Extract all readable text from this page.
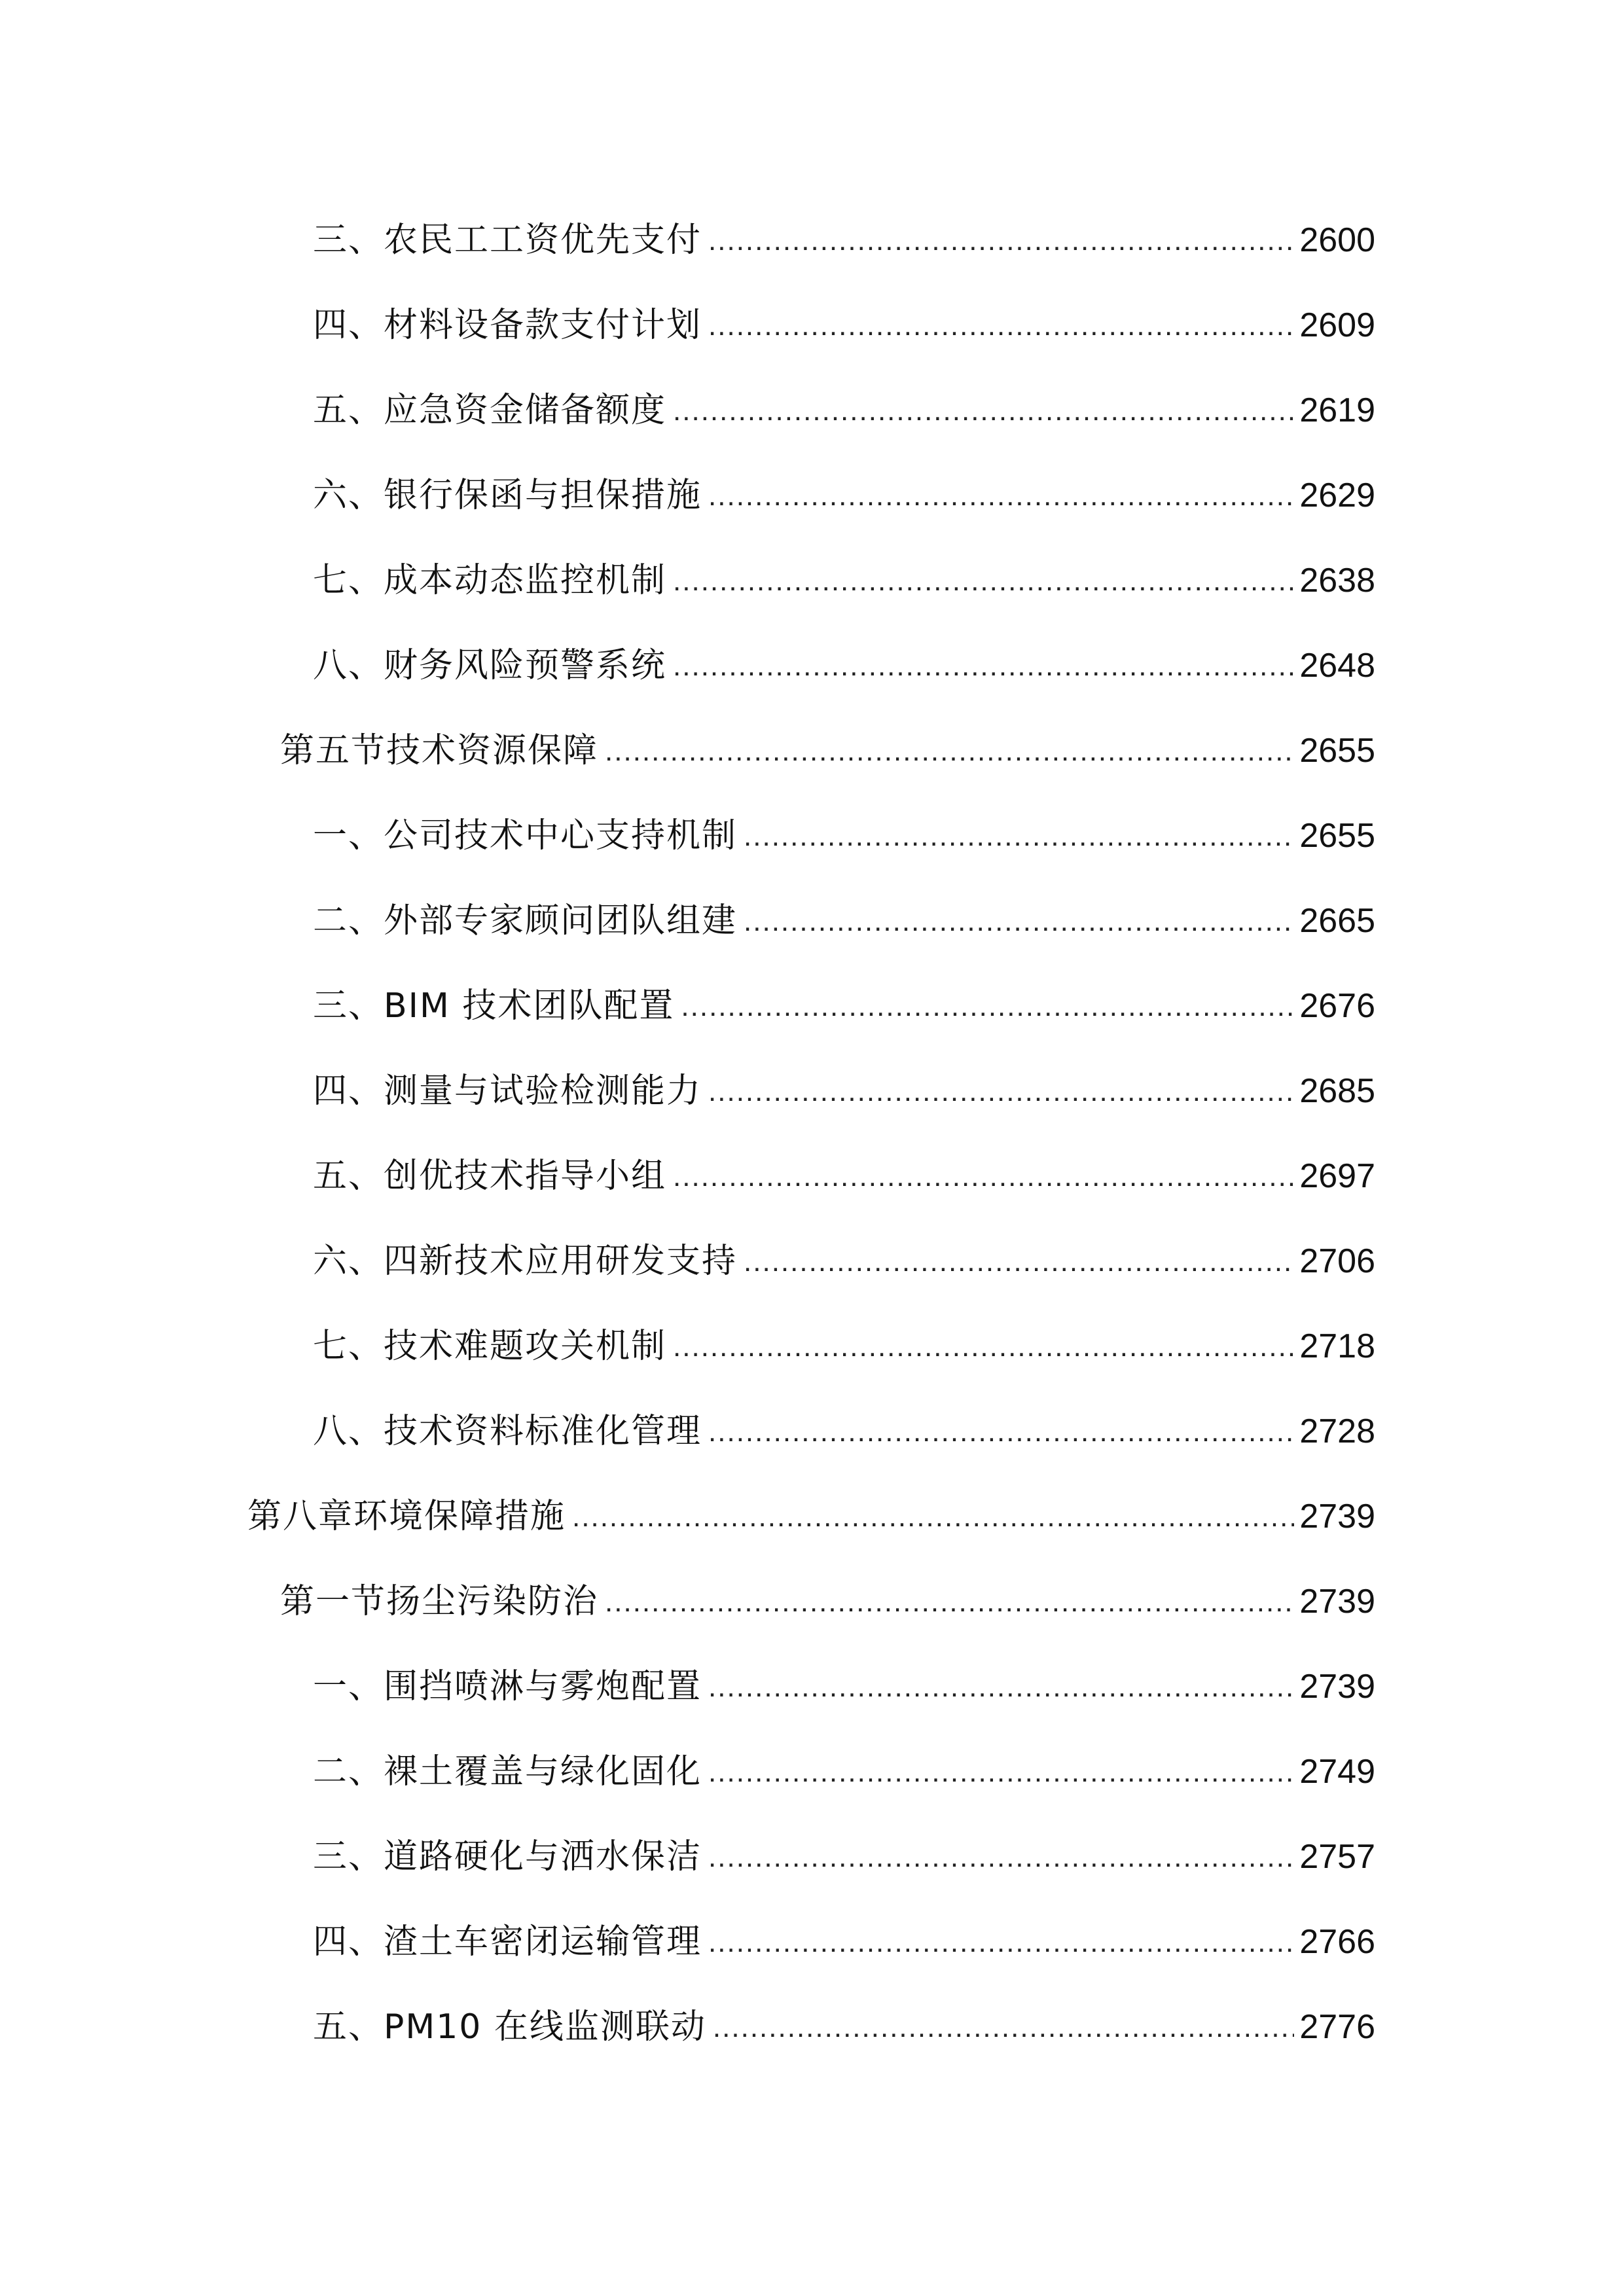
三、农民工工资优先支付 .....	2600
四、材料设备款支付计划 .....	2609
五、应急资金储备额度 .....	2619
六、银行保函与担保措施 .....	2629
七、成本动态监控机制 .....	2638
八、财务风险预警系统 .....	2648
第五节技术资源保障 .....	2655
一、公司技术中心支持机制 .....	2655
二、外部专家顾问团队组建 .....	2665
三、BIM 技术团队配置 .....	2676
四、测量与试验检测能力 .....	2685
五、创优技术指导小组 .....	2697
六、四新技术应用研发支持 .....	2706
七、技术难题攻关机制 .....	2718
八、技术资料标准化管理 .....	2728
第八章环境保障措施 .....	2739
第一节扬尘污染防治 .....	2739
一、围挡喷淋与雾炮配置 .....	2739
二、裸土覆盖与绿化固化 .....	2749
三、道路硬化与洒水保洁 .....	2757
四、渣土车密闭运输管理 .....	2766
五、PM10 在线监测联动 .....	2776
